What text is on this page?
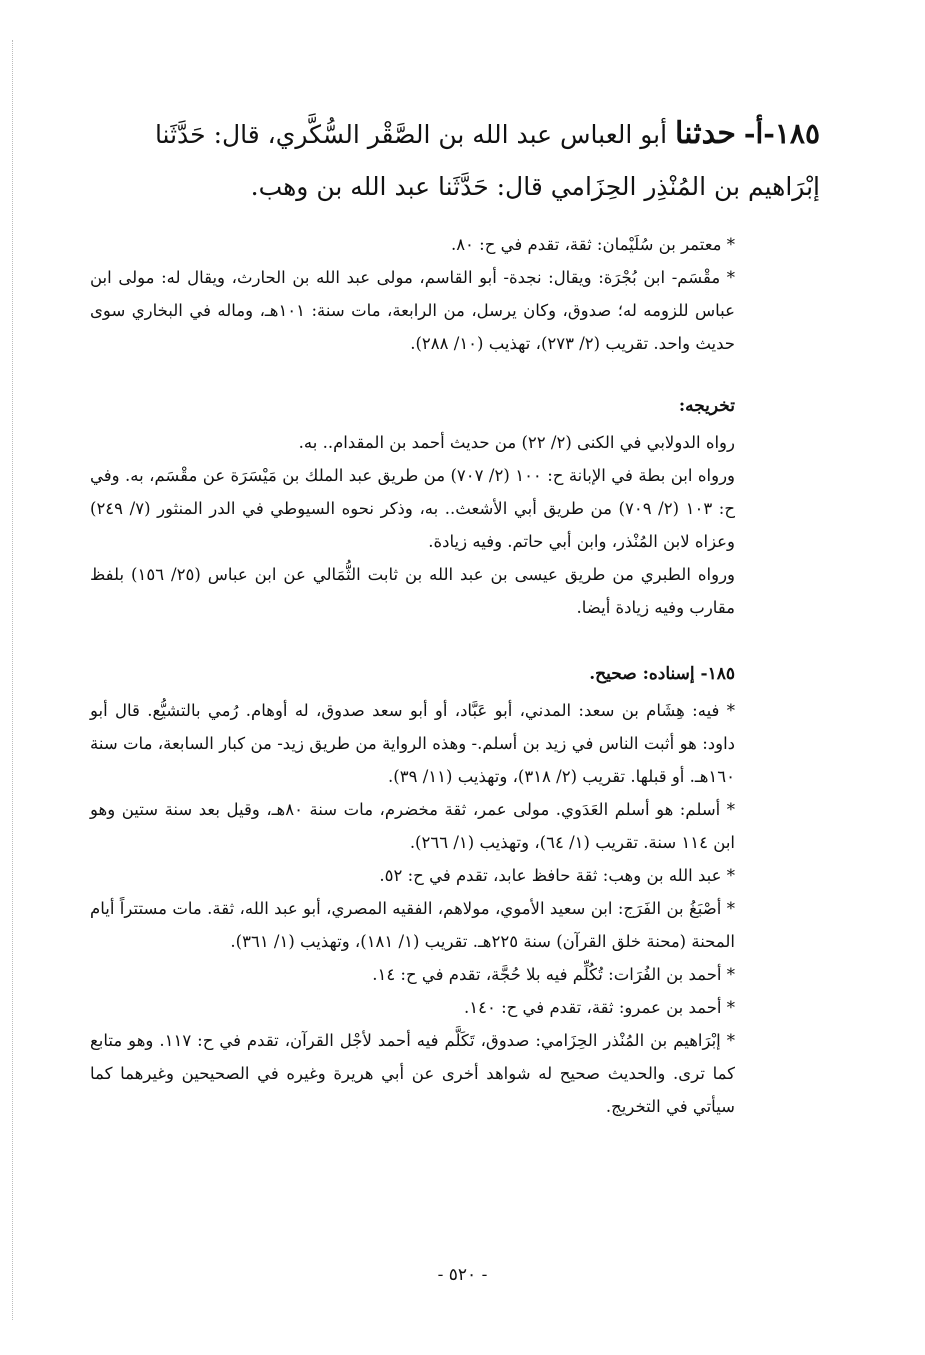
١٨٥-أ- حدثنا أبو العباس عبد الله بن الصَّقْر السُّكَّري، قال: حَدَّثَنا
إبْرَاهيم بن المُنْذِر الحِزَامي قال: حَدَّثَنا عبد الله بن وهب.

* معتمر بن سُلَيْمان: ثقة، تقدم في ح: ٨٠.

* مقْسَم- ابن بُجْرَة: ويقال: نجدة- أبو القاسم، مولى عبد الله بن الحارث، ويقال له: مولى ابن عباس للزومه له؛ صدوق، وكان يرسل، من الرابعة، مات سنة: ١٠١هـ، وماله في البخاري سوى حديث واحد. تقريب (٢/ ٢٧٣)، تهذيب (١٠/ ٢٨٨).

تخريجه:

رواه الدولابي في الكنى (٢/ ٢٢) من حديث أحمد بن المقدام.. به.

ورواه ابن بطة في الإبانة ح: ١٠٠ (٢/ ٧٠٧) من طريق عبد الملك بن مَيْسَرَة عن مقْسَم، به. وفي ح: ١٠٣ (٢/ ٧٠٩) من طريق أبي الأشعث.. به، وذكر نحوه السيوطي في الدر المنثور (٧/ ٢٤٩) وعزاه لابن المُنْذر، وابن أبي حاتم. وفيه زيادة.

ورواه الطبري من طريق عيسى بن عبد الله بن ثابت الثُّمَالي عن ابن عباس (٢٥/ ١٥٦) بلفظ مقارب وفيه زيادة أيضا.

١٨٥- إسناده: صحيح.

* فيه: هِشَام بن سعد: المدني، أبو عَبَّاد، أو أبو سعد صدوق، له أوهام. رُمي بالتشيُّع. قال أبو داود: هو أثبت الناس في زيد بن أسلم.- وهذه الرواية من طريق زيد- من كبار السابعة، مات سنة ١٦٠هـ. أو قبلها. تقريب (٢/ ٣١٨)، وتهذيب (١١/ ٣٩).

* أسلم: هو أسلم العَدَوي. مولى عمر، ثقة مخضرم، مات سنة ٨٠هـ، وقيل بعد سنة ستين وهو ابن ١١٤ سنة. تقريب (١/ ٦٤)، وتهذيب (١/ ٢٦٦).

* عبد الله بن وهب: ثقة حافظ عابد، تقدم في ح: ٥٢.

* أصْبَغُ بن الفَرَج: ابن سعيد الأموي، مولاهم، الفقيه المصري، أبو عبد الله، ثقة. مات مستتراً أيام المحنة (محنة خلق القرآن) سنة ٢٢٥هـ. تقريب (١/ ١٨١)، وتهذيب (١/ ٣٦١).

* أحمد بن الفُرَات: تُكُلِّم فيه بلا حُجَّة، تقدم في ح: ١٤.

* أحمد بن عمرو: ثقة، تقدم في ح: ١٤٠.

* إبْرَاهيم بن المُنْذر الحِزَامي: صدوق، تَكَلَّم فيه أحمد لأجْل القرآن، تقدم في ح: ١١٧. وهو متابع كما ترى. والحديث صحيح له شواهد أخرى عن أبي هريرة وغيره في الصحيحين وغيرهما كما سيأتي في التخريج.

- ٥٢٠ -
